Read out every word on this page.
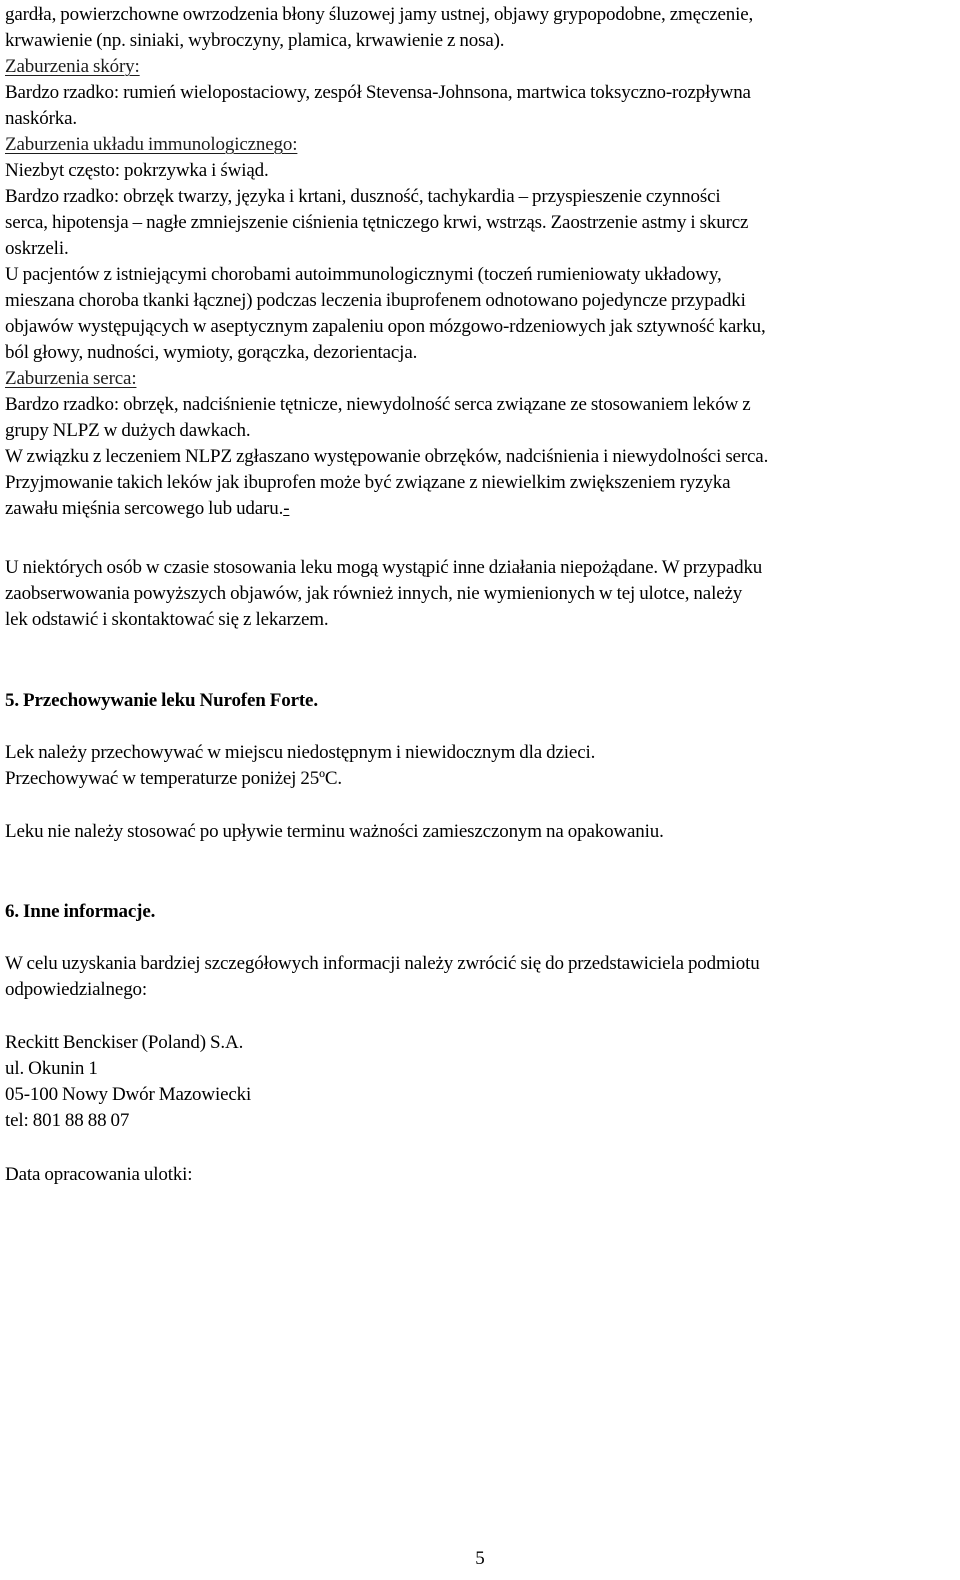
gardła, powierzchowne owrzodzenia błony śluzowej jamy ustnej, objawy grypopodobne, zmęczenie,
krwawienie (np. siniaki, wybroczyny, plamica, krwawienie z nosa).
Zaburzenia skóry:
Bardzo rzadko: rumień wielopostaciowy, zespół Stevensa-Johnsona, martwica toksyczno-rozpływna
naskórka.
Zaburzenia układu immunologicznego:
Niezbyt często: pokrzywka i świąd.
Bardzo rzadko: obrzęk twarzy, języka i krtani, duszność, tachykardia – przyspieszenie czynności
serca, hipotensja – nagłe zmniejszenie ciśnienia tętniczego krwi, wstrząs. Zaostrzenie astmy i skurcz
oskrzeli.
U pacjentów z istniejącymi chorobami autoimmunologicznymi (toczeń rumieniowaty układowy,
mieszana choroba tkanki łącznej) podczas leczenia ibuprofenem odnotowano pojedyncze przypadki
objawów występujących w aseptycznym zapaleniu opon mózgowo-rdzeniowych jak sztywność karku,
ból głowy, nudności, wymioty, gorączka, dezorientacja.
Zaburzenia serca:
Bardzo rzadko: obrzęk, nadciśnienie tętnicze, niewydolność serca związane ze stosowaniem leków z
grupy NLPZ w dużych dawkach.
W związku z leczeniem NLPZ zgłaszano występowanie obrzęków, nadciśnienia i niewydolności serca.
Przyjmowanie takich leków jak ibuprofen może być związane z niewielkim zwiększeniem ryzyka
zawału mięśnia sercowego lub udaru.-
U niektórych osób w czasie stosowania leku mogą wystąpić inne działania niepożądane. W przypadku
zaobserwowania powyższych objawów, jak również innych, nie wymienionych w tej ulotce, należy
lek odstawić i skontaktować się z lekarzem.
5. Przechowywanie leku Nurofen Forte.
Lek należy przechowywać w miejscu niedostępnym i niewidocznym dla dzieci.
Przechowywać w temperaturze poniżej 25ºC.
Leku nie należy stosować po upływie terminu ważności zamieszczonym na opakowaniu.
6. Inne informacje.
W celu uzyskania bardziej szczegółowych informacji należy zwrócić się do przedstawiciela podmiotu
odpowiedzialnego:
Reckitt Benckiser (Poland) S.A.
ul. Okunin 1
05-100 Nowy Dwór Mazowiecki
tel: 801 88 88 07
Data opracowania ulotki:
5
